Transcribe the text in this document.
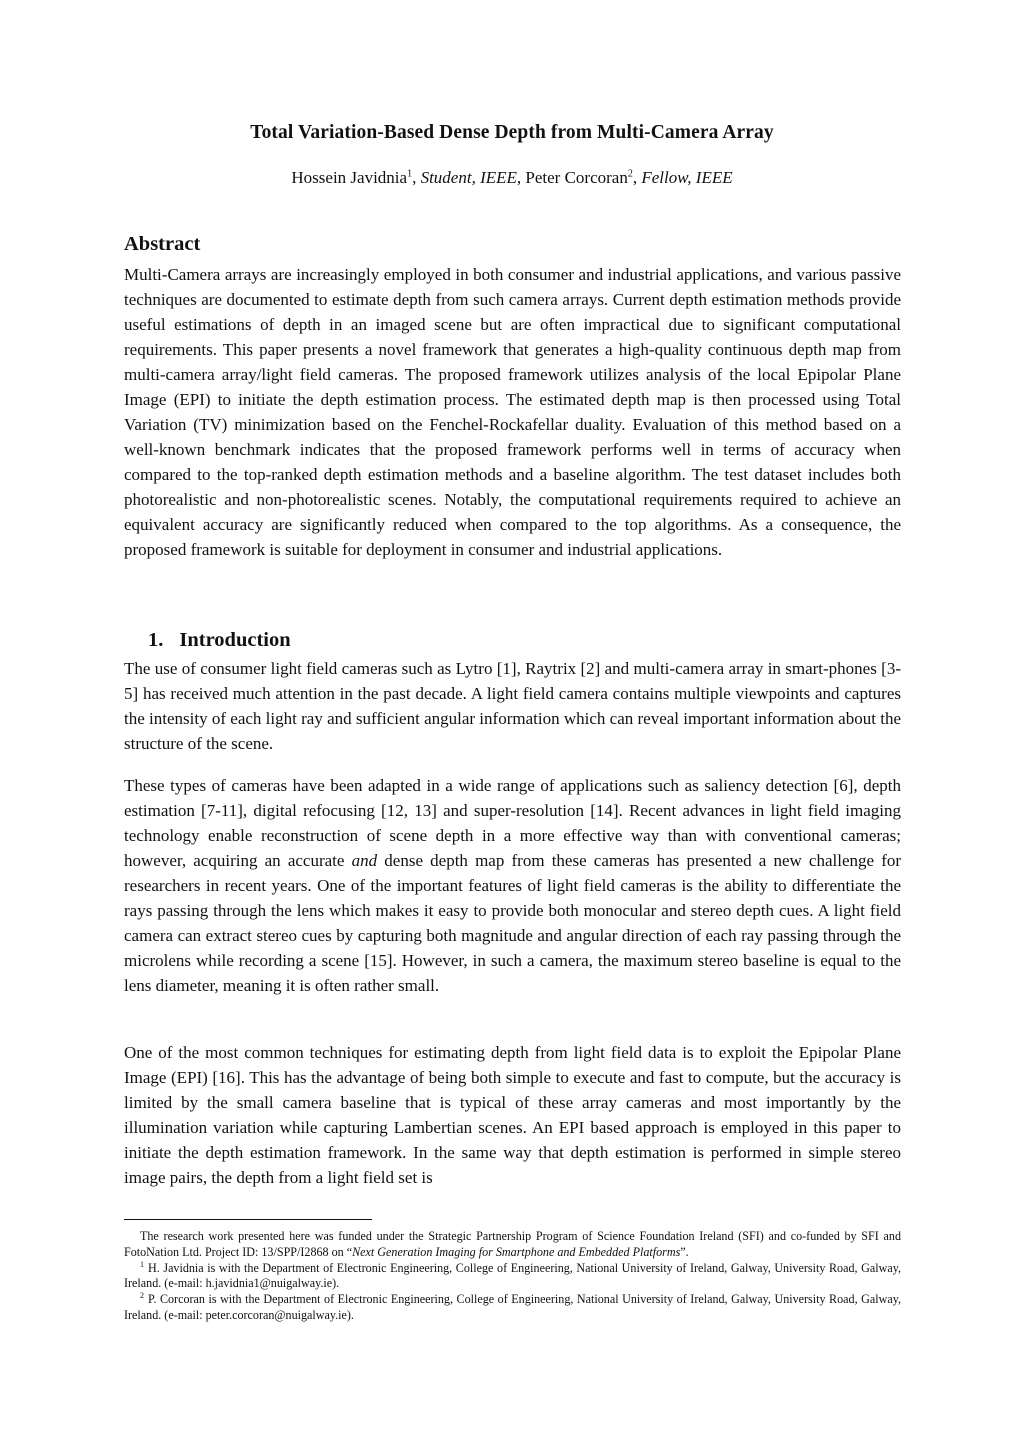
Total Variation-Based Dense Depth from Multi-Camera Array
Hossein Javidnia$^1$, Student, IEEE, Peter Corcoran$^2$, Fellow, IEEE
Abstract

Multi-Camera arrays are increasingly employed in both consumer and industrial applications, and various passive techniques are documented to estimate depth from such camera arrays. Current depth estimation methods provide useful estimations of depth in an imaged scene but are often impractical due to significant computational requirements. This paper presents a novel framework that generates a high-quality continuous depth map from multi-camera array/light field cameras. The proposed framework utilizes analysis of the local Epipolar Plane Image (EPI) to initiate the depth estimation process. The estimated depth map is then processed using Total Variation (TV) minimization based on the Fenchel-Rockafellar duality. Evaluation of this method based on a well-known benchmark indicates that the proposed framework performs well in terms of accuracy when compared to the top-ranked depth estimation methods and a baseline algorithm. The test dataset includes both photorealistic and non-photorealistic scenes. Notably, the computational requirements required to achieve an equivalent accuracy are significantly reduced when compared to the top algorithms. As a consequence, the proposed framework is suitable for deployment in consumer and industrial applications.

1. Introduction

The use of consumer light field cameras such as Lytro [1], Raytrix [2] and multi-camera array in smart-phones [3-5] has received much attention in the past decade. A light field camera contains multiple viewpoints and captures the intensity of each light ray and sufficient angular information which can reveal important information about the structure of the scene.

These types of cameras have been adapted in a wide range of applications such as saliency detection [6], depth estimation [7-11], digital refocusing [12, 13] and super-resolution [14]. Recent advances in light field imaging technology enable reconstruction of scene depth in a more effective way than with conventional cameras; however, acquiring an accurate and dense depth map from these cameras has presented a new challenge for researchers in recent years. One of the important features of light field cameras is the ability to differentiate the rays passing through the lens which makes it easy to provide both monocular and stereo depth cues. A light field camera can extract stereo cues by capturing both magnitude and angular direction of each ray passing through the microlens while recording a scene [15]. However, in such a camera, the maximum stereo baseline is equal to the lens diameter, meaning it is often rather small.

One of the most common techniques for estimating depth from light field data is to exploit the Epipolar Plane Image (EPI) [16]. This has the advantage of being both simple to execute and fast to compute, but the accuracy is limited by the small camera baseline that is typical of these array cameras and most importantly by the illumination variation while capturing Lambertian scenes. An EPI based approach is employed in this paper to initiate the depth estimation framework. In the same way that depth estimation is performed in simple stereo image pairs, the depth from a light field set is

The research work presented here was funded under the Strategic Partnership Program of Science Foundation Ireland (SFI) and co-funded by SFI and FotoNation Ltd. Project ID: 13/SPP/I2868 on “Next Generation Imaging for Smartphone and Embedded Platforms”.

$^1$ H. Javidnia is with the Department of Electronic Engineering, College of Engineering, National University of Ireland, Galway, University Road, Galway, Ireland. (e-mail: h.javidnia1@nuigalway.ie).

$^2$ P. Corcoran is with the Department of Electronic Engineering, College of Engineering, National University of Ireland, Galway, University Road, Galway, Ireland. (e-mail: peter.corcoran@nuigalway.ie).
